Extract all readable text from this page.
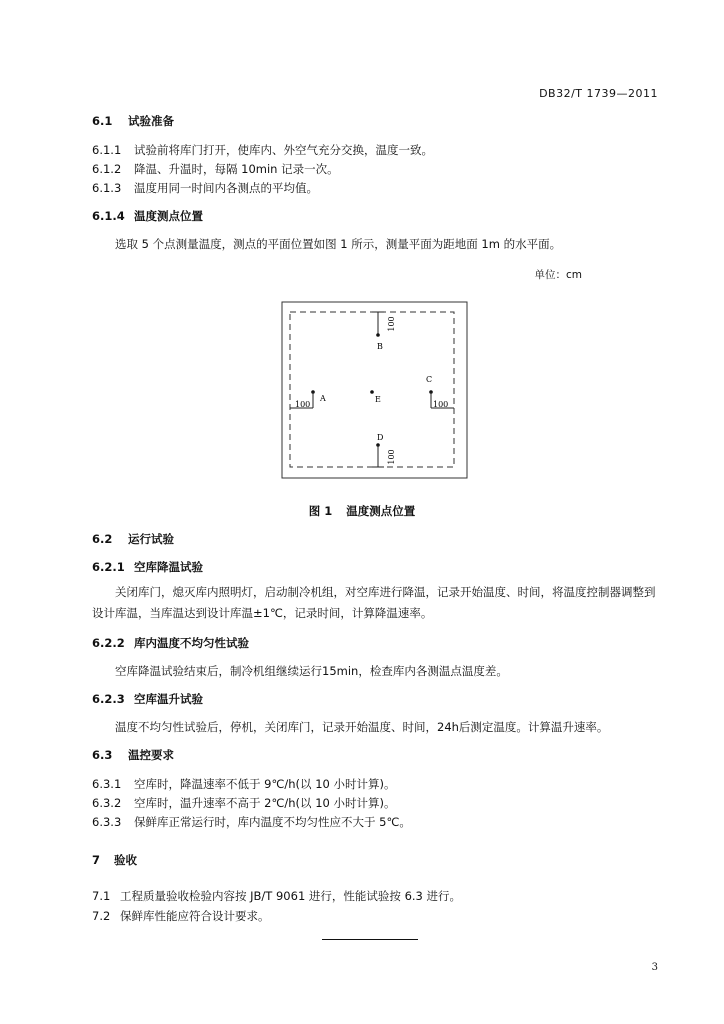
DB32/T 1739—2011
6.1 试验准备
6.1.1 试验前将库门打开，使库内、外空气充分交换，温度一致。
6.1.2 降温、升温时，每隔 10min 记录一次。
6.1.3 温度用同一时间内各测点的平均值。
6.1.4 温度测点位置
选取 5 个点测量温度，测点的平面位置如图 1 所示，测量平面为距地面 1m 的水平面。
单位：cm
100
B
C
100
A
100
E
D
100
图 1 温度测点位置
6.2 运行试验
6.2.1 空库降温试验
关闭库门，熄灭库内照明灯，启动制冷机组，对空库进行降温，记录开始温度、时间，将温度控制器调整到设计库温，当库温达到设计库温±1℃，记录时间，计算降温速率。
6.2.2 库内温度不均匀性试验
空库降温试验结束后，制冷机组继续运行15min，检查库内各测温点温度差。
6.2.3 空库温升试验
温度不均匀性试验后，停机，关闭库门，记录开始温度、时间，24h后测定温度。计算温升速率。
6.3 温控要求
6.3.1 空库时，降温速率不低于 9℃/h(以 10 小时计算)。
6.3.2 空库时，温升速率不高于 2℃/h(以 10 小时计算)。
6.3.3 保鲜库正常运行时，库内温度不均匀性应不大于 5℃。
7 验收
7.1 工程质量验收检验内容按 JB/T 9061 进行，性能试验按 6.3 进行。
7.2 保鲜库性能应符合设计要求。
3
